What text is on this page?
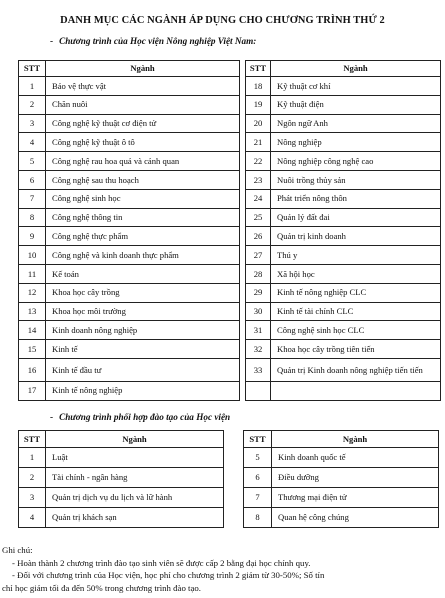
DANH MỤC CÁC NGÀNH ÁP DỤNG CHO CHƯƠNG TRÌNH THỨ 2
- Chương trình của Học viện Nông nghiệp Việt Nam:
STT	Ngành
1	Bảo vệ thực vật
2	Chăn nuôi
3	Công nghệ kỹ thuật cơ điện tử
4	Công nghệ kỹ thuật ô tô
5	Công nghệ rau hoa quả và cảnh quan
6	Công nghệ sau thu hoạch
7	Công nghệ sinh học
8	Công nghệ thông tin
9	Công nghệ thực phẩm
10	Công nghệ và kinh doanh thực phẩm
11	Kế toán
12	Khoa học cây trồng
13	Khoa học môi trường
14	Kinh doanh nông nghiệp
15	Kinh tế
16	Kinh tế đầu tư
17	Kinh tế nông nghiệp
STT	Ngành
18	Kỹ thuật cơ khí
19	Kỹ thuật điện
20	Ngôn ngữ Anh
21	Nông nghiệp
22	Nông nghiệp công nghệ cao
23	Nuôi trồng thủy sản
24	Phát triển nông thôn
25	Quản lý đất đai
26	Quản trị kinh doanh
27	Thú y
28	Xã hội học
29	Kinh tế nông nghiệp CLC
30	Kinh tế tài chính CLC
31	Công nghệ sinh học CLC
32	Khoa học cây trồng tiên tiến
33	Quản trị Kinh doanh nông nghiệp tiến tiến

- Chương trình phối hợp đào tạo của Học viện
STT	Ngành
1	Luật
2	Tài chính - ngân hàng
3	Quản trị dịch vụ du lịch và lữ hành
4	Quản trị khách sạn
STT	Ngành
5	Kinh doanh quốc tế
6	Điều dưỡng
7	Thương mại điện tử
8	Quan hệ công chúng
Ghi chú:
- Hoàn thành 2 chương trình đào tạo sinh viên sẽ được cấp 2 bằng đại học chính quy.
- Đối với chương trình của Học viện, học phí cho chương trình 2 giảm từ 30-50%; Số tín
chỉ học giảm tối đa đến 50% trong chương trình đào tạo.
